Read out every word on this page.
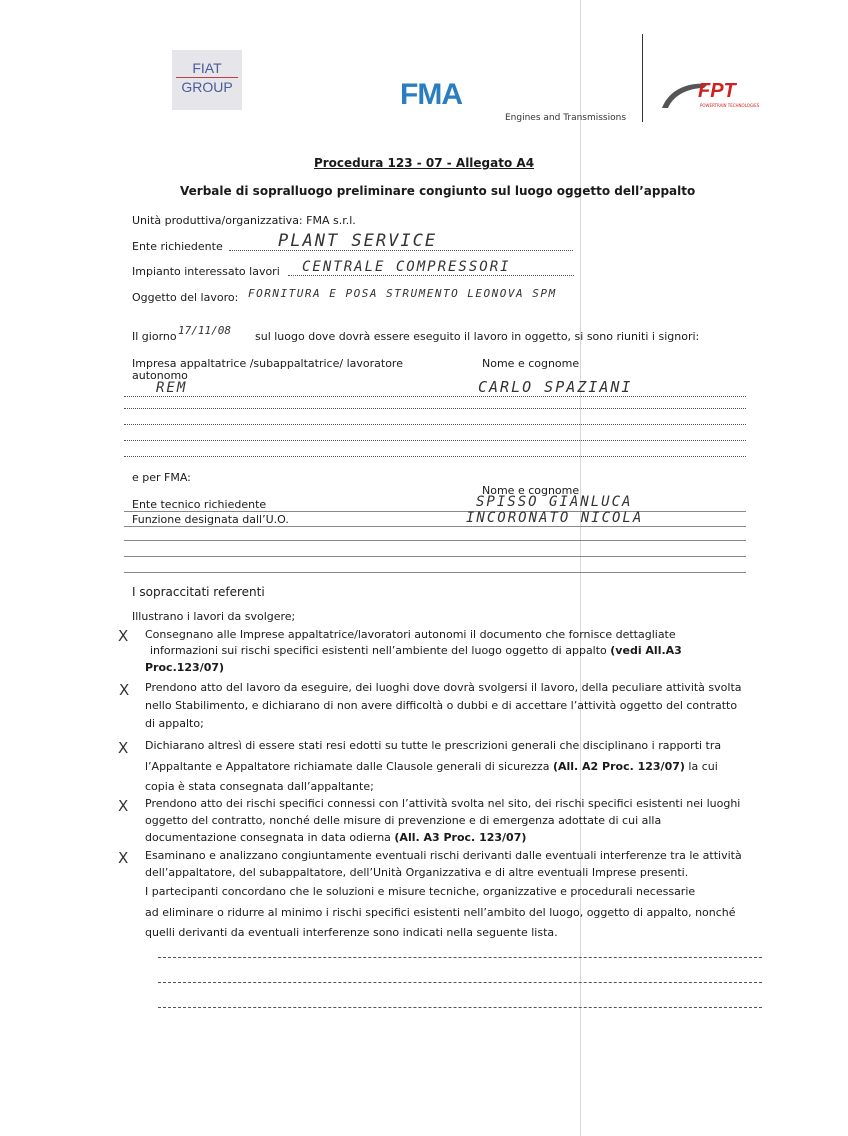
FIAT
GROUP	FMA
Engines and Transmissions
FPT
POWERTRAIN TECHNOLOGIES
Procedura 123 - 07 - Allegato A4
Verbale di sopralluogo preliminare congiunto sul luogo oggetto dell’appalto
Unità produttiva/organizzativa: FMA s.r.l.
Ente richiedente	PLANT SERVICE
Impianto interessato lavori CENTRALE COMPRESSORI
Oggetto del lavoro: FORNITURA E POSA STRUMENTO LEONOVA SPM
Il giorno 17/11/08 sul luogo dove dovrà essere eseguito il lavoro in oggetto, si sono riuniti i signori:
Impresa appaltatrice /subappaltatrice/ lavoratore
autonomo
Nome e cognome
REM	CARLO SPAZIANI
e per FMA:
Nome e cognome
Ente tecnico richiedente	SPISSO GIANLUCA
Funzione designata dall’U.O.	INCORONATO NICOLA
I sopraccitati referenti
Illustrano i lavori da svolgere;
X Consegnano alle Imprese appaltatrice/lavoratori autonomi il documento che fornisce dettagliate
informazioni sui rischi specifici esistenti nell’ambiente del luogo oggetto di appalto (vedi All.A3
Proc.123/07)
X Prendono atto del lavoro da eseguire, dei luoghi dove dovrà svolgersi il lavoro, della peculiare attività svolta
nello Stabilimento, e dichiarano di non avere difficoltà o dubbi e di accettare l’attività oggetto del contratto
di appalto;
X Dichiarano altresì di essere stati resi edotti su tutte le prescrizioni generali che disciplinano i rapporti tra
l’Appaltante e Appaltatore richiamate dalle Clausole generali di sicurezza (All. A2 Proc. 123/07) la cui
copia è stata consegnata dall’appaltante;
X Prendono atto dei rischi specifici connessi con l’attività svolta nel sito, dei rischi specifici esistenti nei luoghi
oggetto del contratto, nonché delle misure di prevenzione e di emergenza adottate di cui alla
documentazione consegnata in data odierna (All. A3 Proc. 123/07)
X Esaminano e analizzano congiuntamente eventuali rischi derivanti dalle eventuali interferenze tra le attività
dell’appaltatore, del subappaltatore, dell’Unità Organizzativa e di altre eventuali Imprese presenti.
I partecipanti concordano che le soluzioni e misure tecniche, organizzative e procedurali necessarie
ad eliminare o ridurre al minimo i rischi specifici esistenti nell’ambito del luogo, oggetto di appalto, nonché
quelli derivanti da eventuali interferenze sono indicati nella seguente lista.
